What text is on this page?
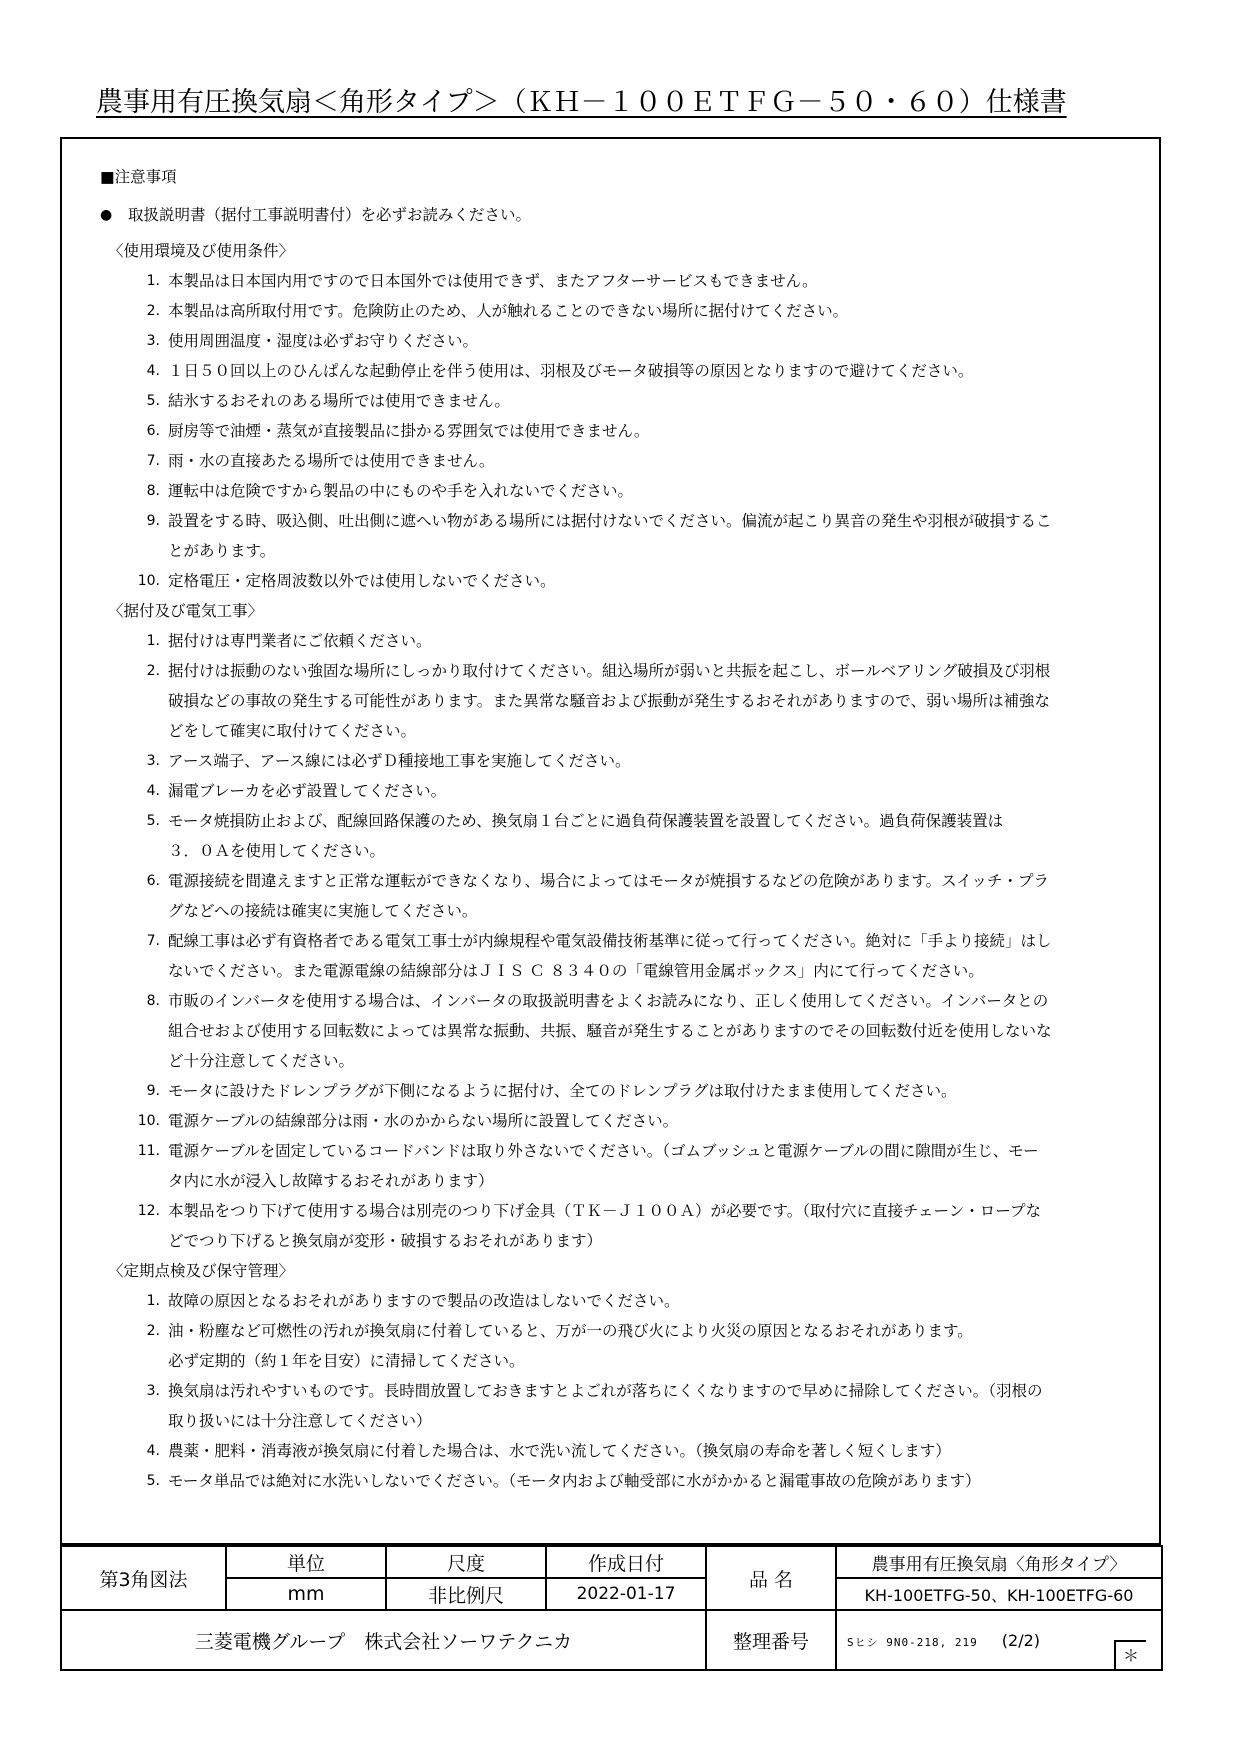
農事用有圧換気扇＜角形タイプ＞（ＫＨ－１００ＥＴＦＧ－５０・６０）仕様書
■注意事項
● 取扱説明書（据付工事説明書付）を必ずお読みください。
〈使用環境及び使用条件〉
1. 本製品は日本国内用ですので日本国外では使用できず、またアフターサービスもできません。
2. 本製品は高所取付用です。危険防止のため、人が触れることのできない場所に据付けてください。
3. 使用周囲温度・湿度は必ずお守りください。
4. １日５０回以上のひんぱんな起動停止を伴う使用は、羽根及びモータ破損等の原因となりますので避けてください。
5. 結氷するおそれのある場所では使用できません。
6. 厨房等で油煙・蒸気が直接製品に掛かる雰囲気では使用できません。
7. 雨・水の直接あたる場所では使用できません。
8. 運転中は危険ですから製品の中にものや手を入れないでください。
9. 設置をする時、吸込側、吐出側に遮へい物がある場所には据付けないでください。偏流が起こり異音の発生や羽根が破損するこ
とがあります。
10. 定格電圧・定格周波数以外では使用しないでください。
〈据付及び電気工事〉
1. 据付けは専門業者にご依頼ください。
2. 据付けは振動のない強固な場所にしっかり取付けてください。組込場所が弱いと共振を起こし、ボールベアリング破損及び羽根
破損などの事故の発生する可能性があります。また異常な騒音および振動が発生するおそれがありますので、弱い場所は補強な
どをして確実に取付けてください。
3. アース端子、アース線には必ずＤ種接地工事を実施してください。
4. 漏電ブレーカを必ず設置してください。
5. モータ焼損防止および、配線回路保護のため、換気扇１台ごとに過負荷保護装置を設置してください。過負荷保護装置は
３．０Ａを使用してください。
6. 電源接続を間違えますと正常な運転ができなくなり、場合によってはモータが焼損するなどの危険があります。スイッチ・プラ
グなどへの接続は確実に実施してください。
7. 配線工事は必ず有資格者である電気工事士が内線規程や電気設備技術基準に従って行ってください。絶対に「手より接続」はし
ないでください。また電源電線の結線部分はＪＩＳ Ｃ ８３４０の「電線管用金属ボックス」内にて行ってください。
8. 市販のインバータを使用する場合は、インバータの取扱説明書をよくお読みになり、正しく使用してください。インバータとの
組合せおよび使用する回転数によっては異常な振動、共振、騒音が発生することがありますのでその回転数付近を使用しないな
ど十分注意してください。
9. モータに設けたドレンプラグが下側になるように据付け、全てのドレンプラグは取付けたまま使用してください。
10. 電源ケーブルの結線部分は雨・水のかからない場所に設置してください。
11. 電源ケーブルを固定しているコードバンドは取り外さないでください。（ゴムブッシュと電源ケーブルの間に隙間が生じ、モー
タ内に水が浸入し故障するおそれがあります）
12. 本製品をつり下げて使用する場合は別売のつり下げ金具（ＴＫ－Ｊ１００Ａ）が必要です。（取付穴に直接チェーン・ロープな
どでつり下げると換気扇が変形・破損するおそれがあります）
〈定期点検及び保守管理〉
1. 故障の原因となるおそれがありますので製品の改造はしないでください。
2. 油・粉塵など可燃性の汚れが換気扇に付着していると、万が一の飛び火により火災の原因となるおそれがあります。
必ず定期的（約１年を目安）に清掃してください。
3. 換気扇は汚れやすいものです。長時間放置しておきますとよごれが落ちにくくなりますので早めに掃除してください。（羽根の
取り扱いには十分注意してください）
4. 農薬・肥料・消毒液が換気扇に付着した場合は、水で洗い流してください。（換気扇の寿命を著しく短くします）
5. モータ単品では絶対に水洗いしないでください。（モータ内および軸受部に水がかかると漏電事故の危険があります）
第3角図法	単位	尺度	作成日付	品 名	農事用有圧換気扇〈角形タイプ〉
	mm	非比例尺	2022-01-17		KH-100ETFG-50、KH-100ETFG-60
三菱電機グループ　株式会社ソーワテクニカ				整理番号	Sヒシ 9N0-218, 219 (2/2)
＊
